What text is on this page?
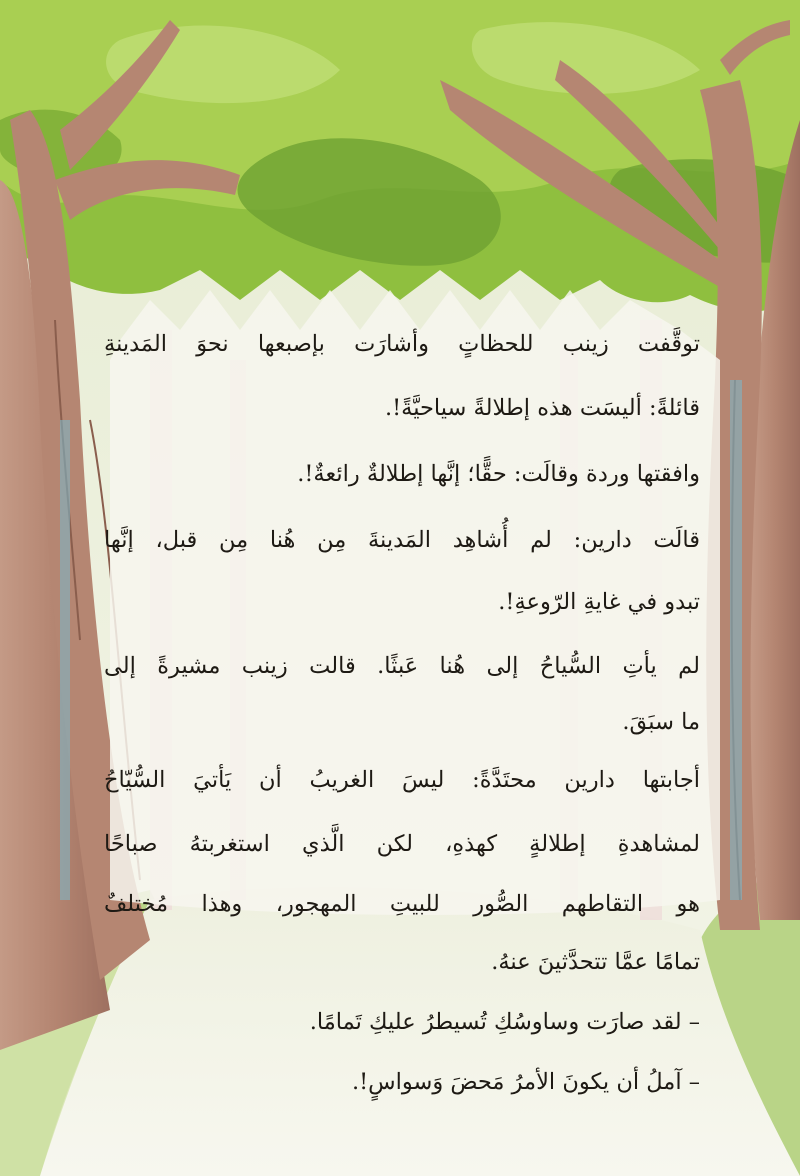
توقَّفت زينب للحظاتٍ وأشارَت بإصبعها نحوَ المَدينةِ
قائلةً: أليسَت هذه إطلالةً سياحيَّةً!.
وافقتها وردة وقالَت: حقًّا؛ إنَّها إطلالةٌ رائعةٌ!.
قالَت دارين: لم أُشاهِد المَدينةَ مِن هُنا مِن قبل، إنَّها
تبدو في غايةِ الرّوعةِ!.
لم يأتِ السُّياحُ إلى هُنا عَبثًا. قالت زينب مشيرةً إلى
ما سبَقَ.
أجابتها دارين محتَدَّةً: ليسَ الغريبُ أن يَأتيَ السُّيّاحُ
لمشاهدةِ إطلالةٍ كهذهِ، لكن الَّذي استغربتهُ صباحًا
هو التقاطهم الصُّور للبيتِ المهجور، وهذا مُختلفٌ
تمامًا عمَّا تتحدَّثينَ عنهُ.
– لقد صارَت وساوسُكِ تُسيطرُ عليكِ تَمامًا.
– آملُ أن يكونَ الأمرُ مَحضَ وَسواسٍ!.
